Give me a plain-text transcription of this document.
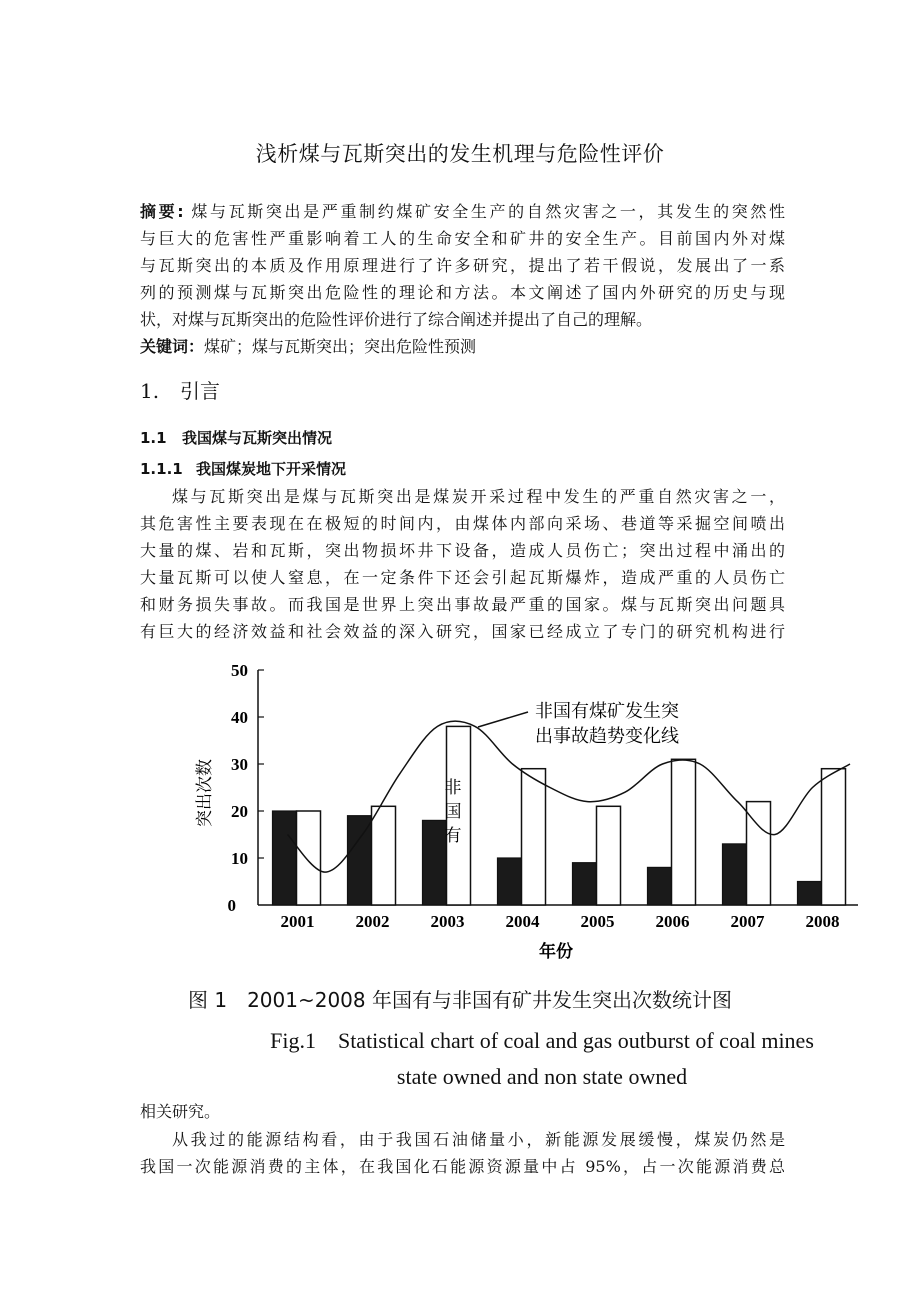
浅析煤与瓦斯突出的发生机理与危险性评价
摘要: 煤与瓦斯突出是严重制约煤矿安全生产的自然灾害之一，其发生的突然性
与巨大的危害性严重影响着工人的生命安全和矿井的安全生产。目前国内外对煤
与瓦斯突出的本质及作用原理进行了许多研究，提出了若干假说，发展出了一系
列的预测煤与瓦斯突出危险性的理论和方法。本文阐述了国内外研究的历史与现
状，对煤与瓦斯突出的危险性评价进行了综合阐述并提出了自己的理解。
关键词：煤矿；煤与瓦斯突出；突出危险性预测
1. 引言
1.1 我国煤与瓦斯突出情况
1.1.1 我国煤炭地下开采情况
煤与瓦斯突出是煤与瓦斯突出是煤炭开采过程中发生的严重自然灾害之一，
其危害性主要表现在在极短的时间内，由煤体内部向采场、巷道等采掘空间喷出
大量的煤、岩和瓦斯，突出物损坏井下设备，造成人员伤亡；突出过程中涌出的
大量瓦斯可以使人窒息，在一定条件下还会引起瓦斯爆炸，造成严重的人员伤亡
和财务损失事故。而我国是世界上突出事故最严重的国家。煤与瓦斯突出问题具
有巨大的经济效益和社会效益的深入研究，国家已经成立了专门的研究机构进行
0
10
20
30
40
50
2001 2002 2003 2004 2005 2006 2007 2008
非国有煤矿发生突
出事故趋势变化线
非
国
有
年份
突出次数
图 1　2001~2008 年国有与非国有矿井发生突出次数统计图
Fig.1　Statistical chart of coal and gas outburst of coal mines
state owned and non state owned
相关研究。
从我过的能源结构看，由于我国石油储量小，新能源发展缓慢，煤炭仍然是
我国一次能源消费的主体，在我国化石能源资源量中占 95%，占一次能源消费总
